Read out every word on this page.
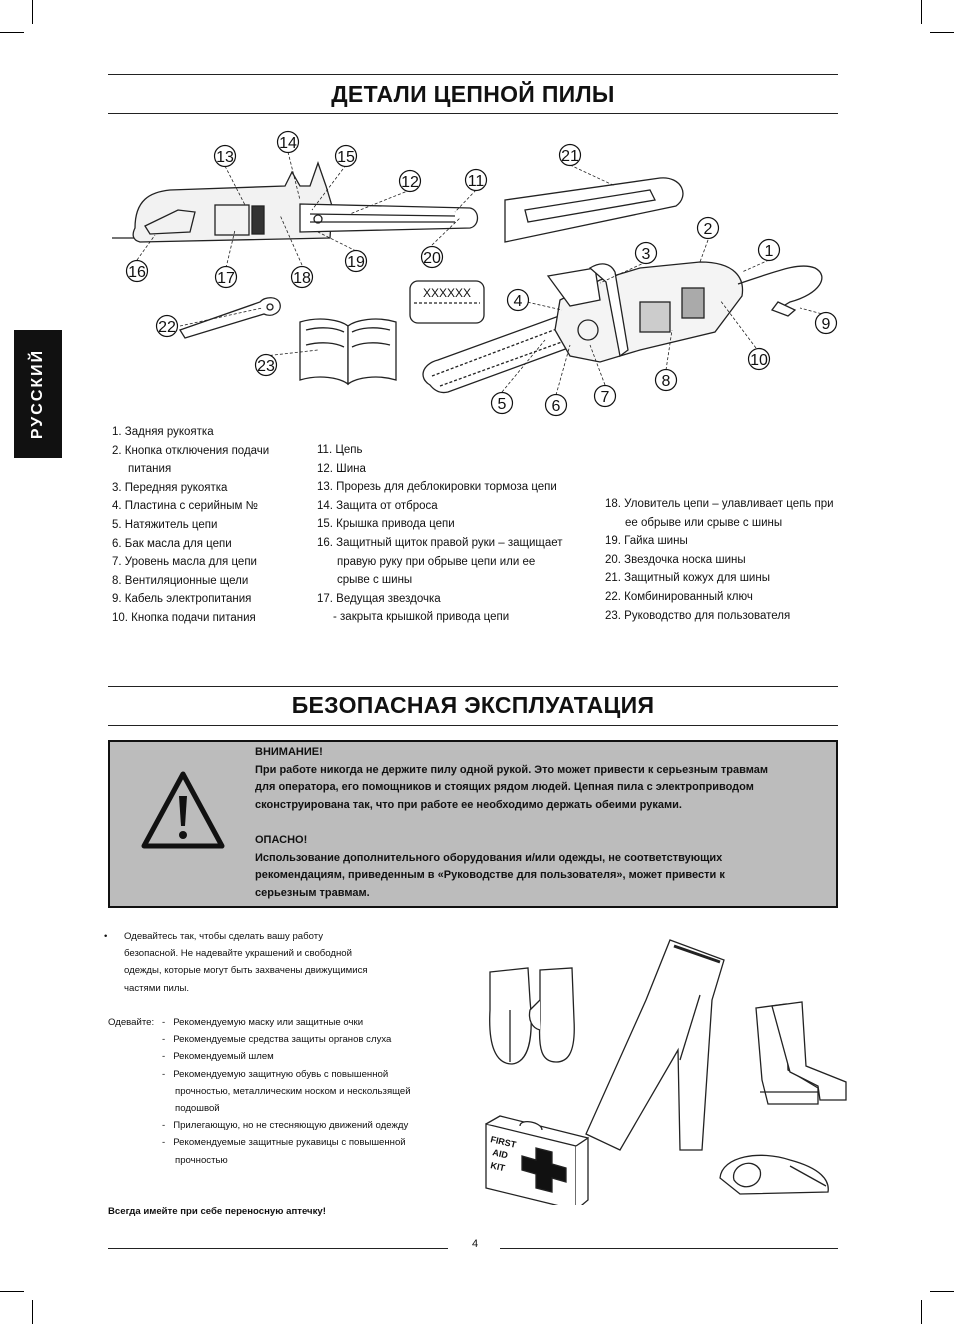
РУССКИЙ
ДЕТАЛИ ЦЕПНОЙ ПИЛЫ
XXXXXX
1
2
3
4
5	6
7
8
9
10
11
12
13
14
15
16	17	18
19	20
21
22
23
1. Задняя рукоятка
2. Кнопка отключения подачи
питания
3. Передняя рукоятка
4. Пластина с серийным №
5. Натяжитель цепи
6. Бак масла для цепи
7. Уровень масла для цепи
8. Вентиляционные щели
9. Кабель электропитания
10. Кнопка подачи питания
11. Цепь
12. Шина
13. Прорезь для деблокировки тормоза цепи
14. Защита от отброса
15. Крышка привода цепи
16. Защитный щиток правой руки – защищает
правую руку при обрыве цепи или ее
срыве с шины
17. Ведущая звездочка
- закрыта крышкой привода цепи
18. Уловитель цепи – улавливает цепь при
ее обрыве или срыве с шины
19. Гайка шины
20. Звездочка носка шины
21. Защитный кожух для шины
22. Комбинированный ключ
23. Руководство для пользователя
БЕЗОПАСНАЯ ЭКСПЛУАТАЦИЯ
ВНИМАНИЕ!
При работе никогда не держите пилу одной рукой. Это может привести к серьезным травмам
для оператора, его помощников и стоящих рядом людей. Цепная пила с электроприводом
сконструирована так, что при работе ее необходимо держать обеими руками.
ОПАСНО!
Использование дополнительного оборудования и/или одежды, не соответствующих
рекомендациям, приведенным в «Руководстве для пользователя», может привести к
серьезным травмам.
• Одевайтесь так, чтобы сделать вашу работу
безопасной. Не надевайте украшений и свободной
одежды, которые могут быть захвачены движущимися
частями пилы.
Одевайте: -   Рекомендуемую маску или защитные очки
-   Рекомендуемые средства защиты органов слуха
-   Рекомендуемый шлем
-   Рекомендуемую защитную обувь с повышенной
прочностью, металлическим носком и нескользящей
подошвой
-   Прилегающую, но не стесняющую движений одежду
-   Рекомендуемые защитные рукавицы с повышенной
прочностью
Всегда имейте при себе переносную аптечку!
FIRST
AID
KIT
4
